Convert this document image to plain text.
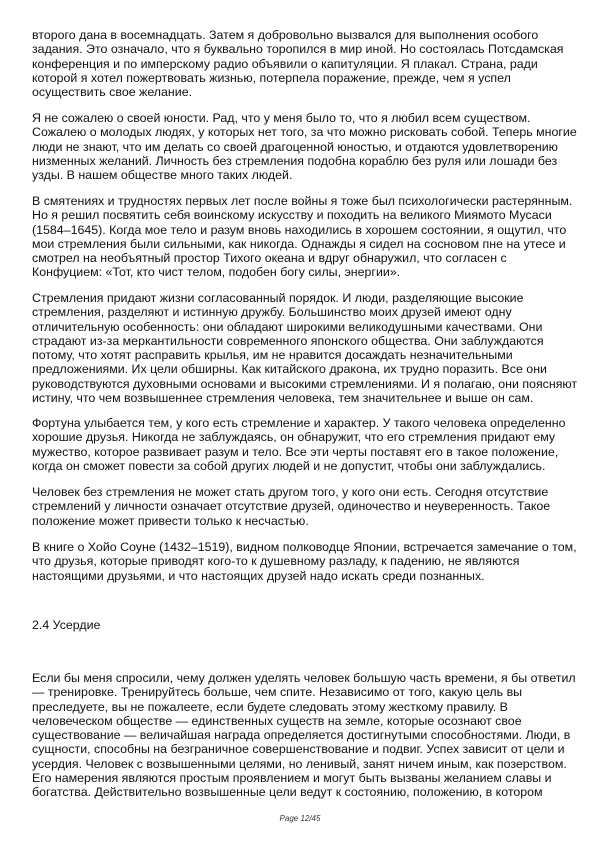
второго дана в восемнадцать. Затем я добровольно вызвался для выполнения особого
задания. Это означало, что я буквально торопился в мир иной. Но состоялась Потсдамская
конференция и по имперскому радио объявили о капитуляции. Я плакал. Страна, ради
которой я хотел пожертвовать жизнью, потерпела поражение, прежде, чем я успел
осуществить свое желание.
Я не сожалею о своей юности. Рад, что у меня было то, что я любил всем существом.
Сожалею о молодых людях, у которых нет того, за что можно рисковать собой. Теперь многие
люди не знают, что им делать со своей драгоценной юностью, и отдаются удовлетворению
низменных желаний. Личность без стремления подобна кораблю без руля или лошади без
узды. В нашем обществе много таких людей.
В смятениях и трудностях первых лет после войны я тоже был психологически растерянным.
Но я решил посвятить себя воинскому искусству и походить на великого Миямото Мусаси
(1584–1645). Когда мое тело и разум вновь находились в хорошем состоянии, я ощутил, что
мои стремления были сильными, как никогда. Однажды я сидел на сосновом пне на утесе и
смотрел на необъятный простор Тихого океана и вдруг обнаружил, что согласен с
Конфуцием: «Тот, кто чист телом, подобен богу силы, энергии».
Стремления придают жизни согласованный порядок. И люди, разделяющие высокие
стремления, разделяют и истинную дружбу. Большинство моих друзей имеют одну
отличительную особенность: они обладают широкими великодушными качествами. Они
страдают из-за меркантильности современного японского общества. Они заблуждаются
потому, что хотят расправить крылья, им не нравится досаждать незначительными
предложениями. Их цели обширны. Как китайского дракона, их трудно поразить. Все они
руководствуются духовными основами и высокими стремлениями. И я полагаю, они поясняют
истину, что чем возвышеннее стремления человека, тем значительнее и выше он сам.
Фортуна улыбается тем, у кого есть стремление и характер. У такого человека определенно
хорошие друзья. Никогда не заблуждаясь, он обнаружит, что его стремления придают ему
мужество, которое развивает разум и тело. Все эти черты поставят его в такое положение,
когда он сможет повести за собой других людей и не допустит, чтобы они заблуждались.
Человек без стремления не может стать другом того, у кого они есть. Сегодня отсутствие
стремлений у личности означает отсутствие друзей, одиночество и неуверенность. Такое
положение может привести только к несчастью.
В книге о Хойо Соуне (1432–1519), видном полководце Японии, встречается замечание о том,
что друзья, которые приводят кого-то к душевному разладу, к падению, не являются
настоящими друзьями, и что настоящих друзей надо искать среди познанных.
2.4 Усердие
Если бы меня спросили, чему должен уделять человек большую часть времени, я бы ответил
— тренировке. Тренируйтесь больше, чем спите. Независимо от того, какую цель вы
преследуете, вы не пожалеете, если будете следовать этому жесткому правилу. В
человеческом обществе — единственных существ на земле, которые осознают свое
существование — величайшая награда определяется достигнутыми способностями. Люди, в
сущности, способны на безграничное совершенствование и подвиг. Успех зависит от цели и
усердия. Человек с возвышенными целями, но ленивый, занят ничем иным, как позерством.
Его намерения являются простым проявлением и могут быть вызваны желанием славы и
богатства. Действительно возвышенные цели ведут к состоянию, положению, в котором
Page 12/45
